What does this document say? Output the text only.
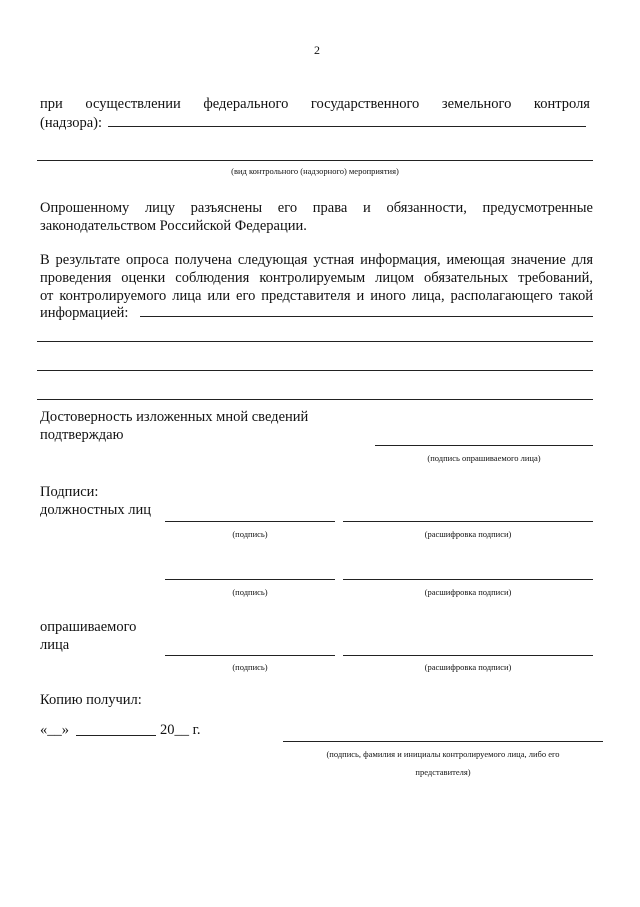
2
при осуществлении федерального государственного земельного контроля
(надзора):
(вид контрольного (надзорного) мероприятия)
Опрошенному лицу разъяснены его права и обязанности, предусмотренные
законодательством Российской Федерации.
В результате опроса получена следующая устная информация, имеющая значение для
проведения оценки соблюдения контролируемым лицом обязательных требований,
от контролируемого лица или его представителя и иного лица, располагающего такой
информацией:
Достоверность изложенных мной сведений
подтверждаю
(подпись опрашиваемого лица)
Подписи:
должностных лиц
(подпись)	(расшифровка подписи)
(подпись)	(расшифровка подписи)
опрашиваемого
лица
(подпись)	(расшифровка подписи)
Копию получил:
«__»	20__ г.
(подпись, фамилия и инициалы контролируемого лица, либо его
представителя)
